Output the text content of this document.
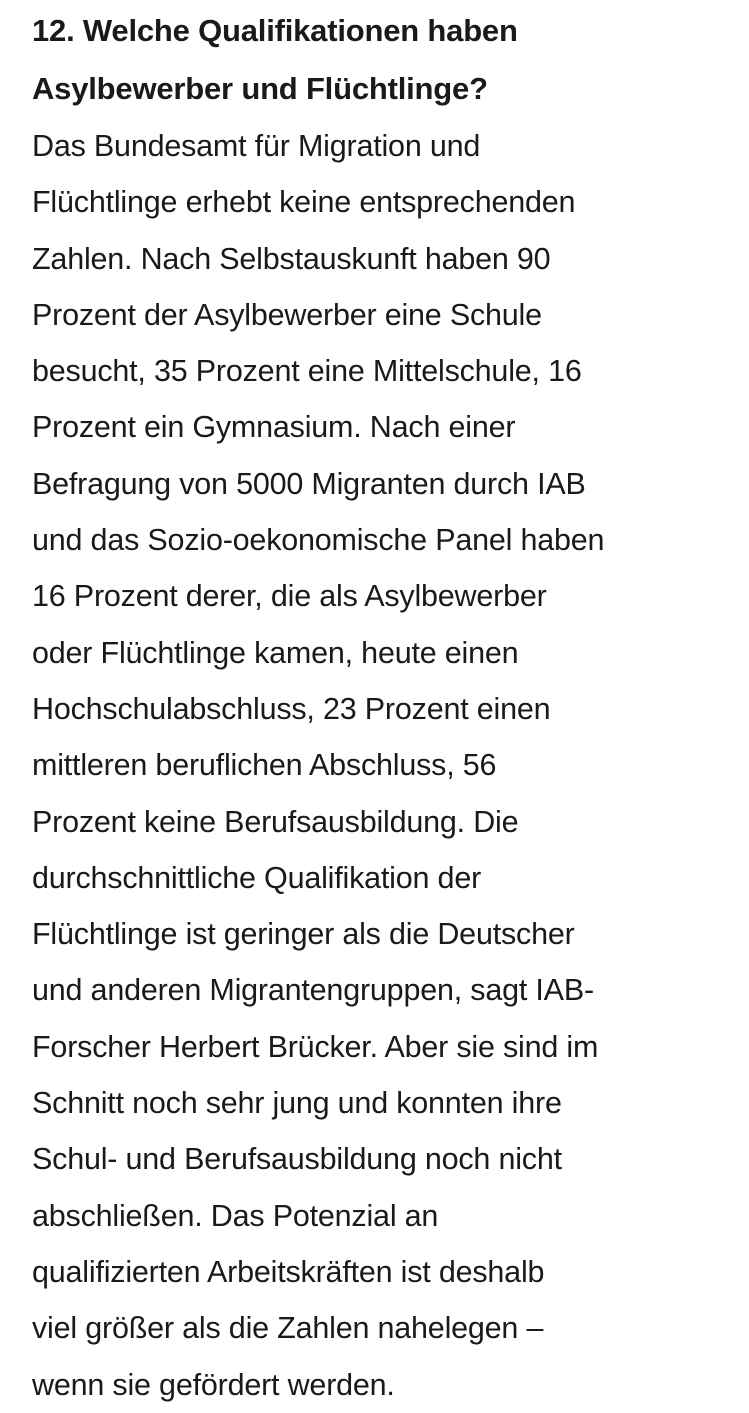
12. Welche Qualifikationen haben
Asylbewerber und Flüchtlinge?

Das Bundesamt für Migration und
Flüchtlinge erhebt keine entsprechenden
Zahlen. Nach Selbstauskunft haben 90
Prozent der Asylbewerber eine Schule
besucht, 35 Prozent eine Mittelschule, 16
Prozent ein Gymnasium. Nach einer
Befragung von 5000 Migranten durch IAB
und das Sozio-oekonomische Panel haben
16 Prozent derer, die als Asylbewerber
oder Flüchtlinge kamen, heute einen
Hochschulabschluss, 23 Prozent einen
mittleren beruflichen Abschluss, 56
Prozent keine Berufsausbildung. Die
durchschnittliche Qualifikation der
Flüchtlinge ist geringer als die Deutscher
und anderen Migrantengruppen, sagt IAB-
Forscher Herbert Brücker. Aber sie sind im
Schnitt noch sehr jung und konnten ihre
Schul- und Berufsausbildung noch nicht
abschließen. Das Potenzial an
qualifizierten Arbeitskräften ist deshalb
viel größer als die Zahlen nahelegen –
wenn sie gefördert werden.
